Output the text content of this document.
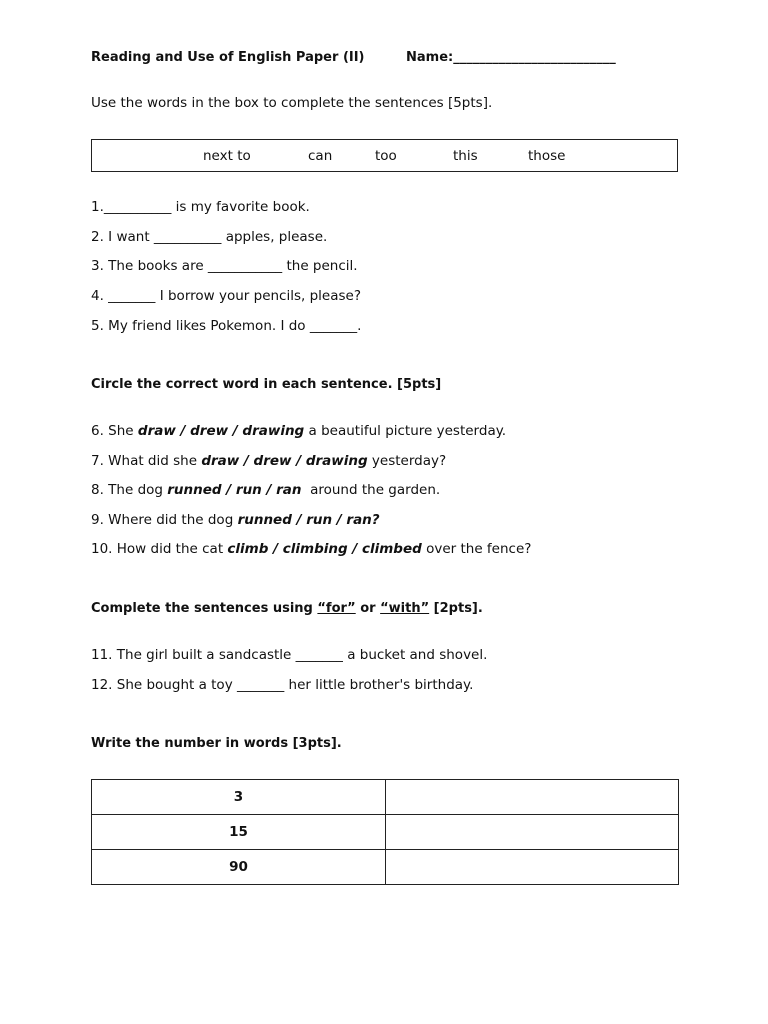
Reading and Use of English Paper (II)	Name:_________________________
Use the words in the box to complete the sentences [5pts].
next to	can	too	this	those
1.__________ is my favorite book.
2. I want __________ apples, please.
3. The books are ___________ the pencil.
4. _______ I borrow your pencils, please?
5. My friend likes Pokemon. I do _______.
Circle the correct word in each sentence. [5pts]
6. She draw / drew / drawing a beautiful picture yesterday.
7. What did she draw / drew / drawing yesterday?
8. The dog runned / run / ran  around the garden.
9. Where did the dog runned / run / ran?
10. How did the cat climb / climbing / climbed over the fence?
Complete the sentences using “for” or “with” [2pts].
11. The girl built a sandcastle _______ a bucket and shovel.
12. She bought a toy _______ her little brother's birthday.
Write the number in words [3pts].
3	
15	
90	
